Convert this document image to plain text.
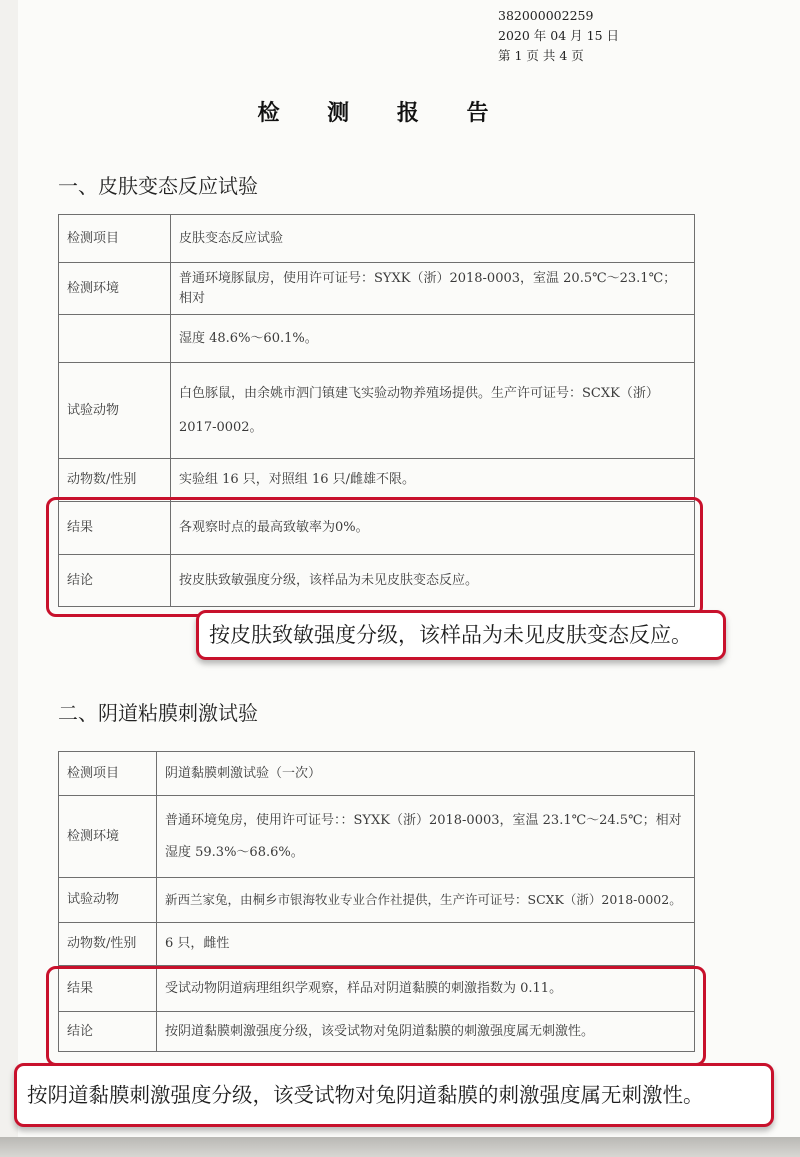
382000002259
2020 年 04 月 15 日
第 1 页 共 4 页
检 测 报 告
一、皮肤变态反应试验
检测项目	皮肤变态反应试验
检测环境	普通环境豚鼠房，使用许可证号：SYXK（浙）2018-0003，室温 20.5℃～23.1℃；相对
	湿度 48.6%～60.1%。
试验动物	白色豚鼠，由余姚市泗门镇建飞实验动物养殖场提供。生产许可证号：SCXK（浙）
2017-0002。

动物数/性别	实验组 16 只，对照组 16 只/雌雄不限。
结果	各观察时点的最高致敏率为0%。
结论	按皮肤致敏强度分级，该样品为未见皮肤变态反应。
按皮肤致敏强度分级，该样品为未见皮肤变态反应。
二、阴道粘膜刺激试验
检测项目	阴道黏膜刺激试验（一次）
检测环境	普通环境兔房，使用许可证号：：SYXK（浙）2018-0003，室温 23.1℃～24.5℃；相对
湿度 59.3%～68.6%。

试验动物	新西兰家兔，由桐乡市银海牧业专业合作社提供，生产许可证号：SCXK（浙）2018-0002。
动物数/性别	6 只，雌性
结果	受试动物阴道病理组织学观察，样品对阴道黏膜的刺激指数为 0.11。
结论	按阴道黏膜刺激强度分级，该受试物对兔阴道黏膜的刺激强度属无刺激性。
按阴道黏膜刺激强度分级，该受试物对兔阴道黏膜的刺激强度属无刺激性。
